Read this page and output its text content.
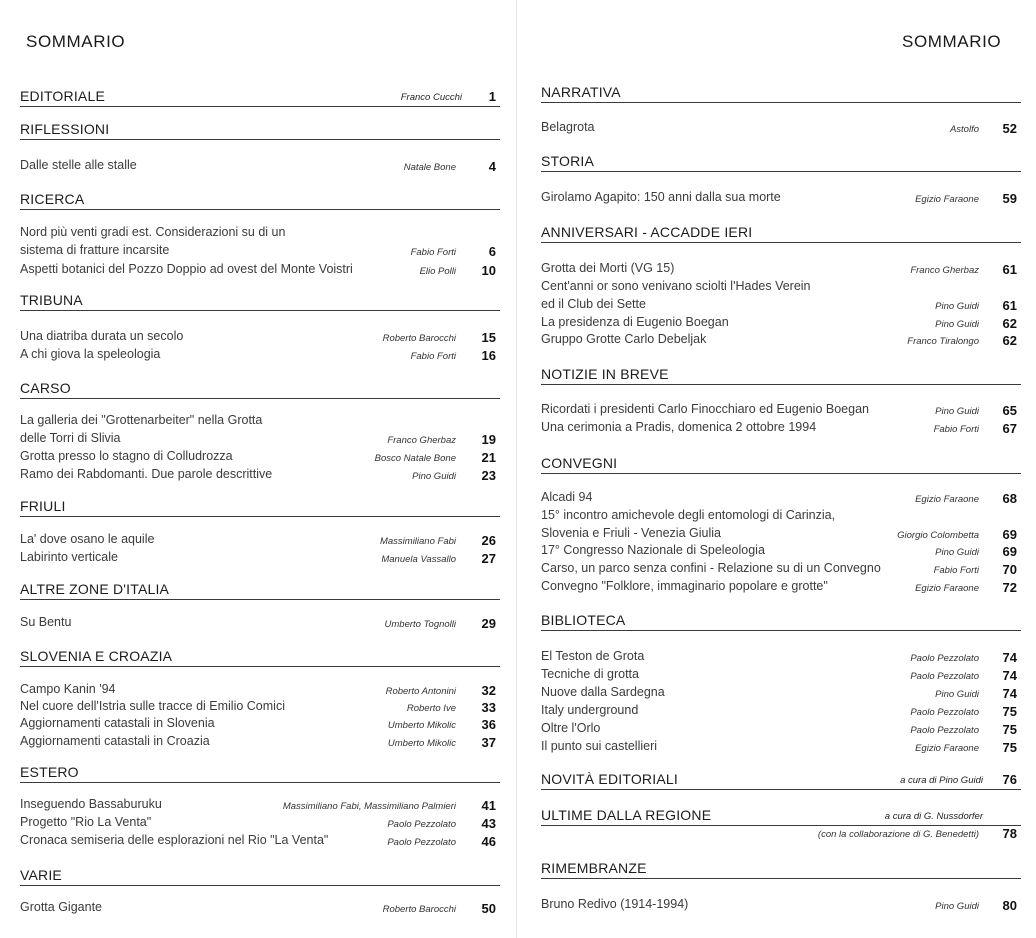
SOMMARIO	SOMMARIO
EDITORIALE	Franco Cucchi 1
RIFLESSIONI
Dalle stelle alle stalle	Natale Bone	4
RICERCA
Nord più venti gradi est. Considerazioni su di un
sistema di fratture incarsite	Fabio Forti	6
Aspetti botanici del Pozzo Doppio ad ovest del Monte Voistri	Elio Polli 10
TRIBUNA
Una diatriba durata un secolo	Roberto Barocchi 15
A chi giova la speleologia	Fabio Forti 16
CARSO
La galleria dei "Grottenarbeiter" nella Grotta
delle Torri di Slivia	Franco Gherbaz 19
Grotta presso lo stagno di Colludrozza	Bosco Natale Bone 21
Ramo dei Rabdomanti. Due parole descrittive	Pino Guidi 23
FRIULI
La' dove osano le aquile	Massimiliano Fabi 26
Labirinto verticale	Manuela Vassallo 27
ALTRE ZONE D'ITALIA
Su Bentu	Umberto Tognolli 29
SLOVENIA E CROAZIA
Campo Kanin '94	Roberto Antonini 32
Nel cuore dell'Istria sulle tracce di Emilio Comici	Roberto Ive 33
Aggiornamenti catastali in Slovenia	Umberto Mikolic 36
Aggiornamenti catastali in Croazia	Umberto Mikolic 37
ESTERO
Inseguendo Bassaburuku	Massimiliano Fabi, Massimiliano Palmieri 41
Progetto "Rio La Venta"	Paolo Pezzolato 43
Cronaca semiseria delle esplorazioni nel Rio "La Venta"	Paolo Pezzolato 46
VARIE
Grotta Gigante	Roberto Barocchi 50
NARRATIVA
Belagrota	Astolfo 52
STORIA
Girolamo Agapito: 150 anni dalla sua morte	Egizio Faraone 59
ANNIVERSARI - ACCADDE IERI
Grotta dei Morti (VG 15)	Franco Gherbaz 61
Cent'anni or sono venivano sciolti l'Hades Verein
ed il Club dei Sette	Pino Guidi 61
La presidenza di Eugenio Boegan	Pino Guidi 62
Gruppo Grotte Carlo Debeljak	Franco Tiralongo 62
NOTIZIE IN BREVE
Ricordati i presidenti Carlo Finocchiaro ed Eugenio Boegan	Pino Guidi 65
Una cerimonia a Pradis, domenica 2 ottobre 1994	Fabio Forti 67
CONVEGNI
Alcadi 94	Egizio Faraone 68
15° incontro amichevole degli entomologi di Carinzia,
Slovenia e Friuli - Venezia Giulia	Giorgio Colombetta 69
17° Congresso Nazionale di Speleologia	Pino Guidi 69
Carso, un parco senza confini - Relazione su di un Convegno	Fabio Forti 70
Convegno "Folklore, immaginario popolare e grotte"	Egizio Faraone 72
BIBLIOTECA
El Teston de Grota	Paolo Pezzolato 74
Tecniche di grotta	Paolo Pezzolato 74
Nuove dalla Sardegna	Pino Guidi 74
Italy underground	Paolo Pezzolato 75
Oltre l'Orlo	Paolo Pezzolato 75
Il punto sui castellieri	Egizio Faraone 75
NOVITÀ EDITORIALI	a cura di Pino Guidi 76
ULTIME DALLA REGIONE	a cura di G. Nussdorfer
(con la collaborazione di G. Benedetti) 78
RIMEMBRANZE
Bruno Redivo (1914-1994)	Pino Guidi 80
